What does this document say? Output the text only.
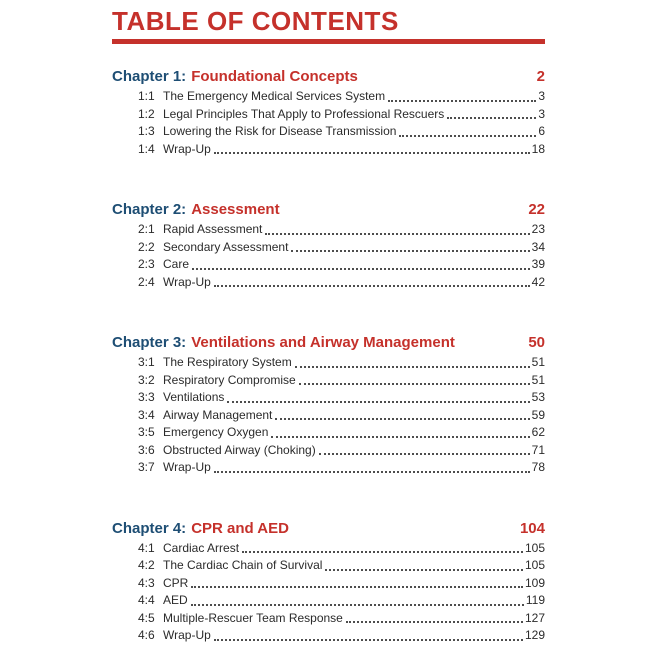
TABLE OF CONTENTS
Chapter 1: Foundational Concepts	2
1:1 The Emergency Medical Services System	3
1:2 Legal Principles That Apply to Professional Rescuers	3
1:3 Lowering the Risk for Disease Transmission	6
1:4 Wrap-Up	18
Chapter 2: Assessment	22
2:1 Rapid Assessment	23
2:2 Secondary Assessment	34
2:3 Care	39
2:4 Wrap-Up	42
Chapter 3: Ventilations and Airway Management	50
3:1 The Respiratory System	51
3:2 Respiratory Compromise	51
3:3 Ventilations	53
3:4 Airway Management	59
3:5 Emergency Oxygen	62
3:6 Obstructed Airway (Choking)	71
3:7 Wrap-Up	78
Chapter 4: CPR and AED	104
4:1 Cardiac Arrest	105
4:2 The Cardiac Chain of Survival	105
4:3 CPR	109
4:4 AED	119
4:5 Multiple-Rescuer Team Response	127
4:6 Wrap-Up	129
